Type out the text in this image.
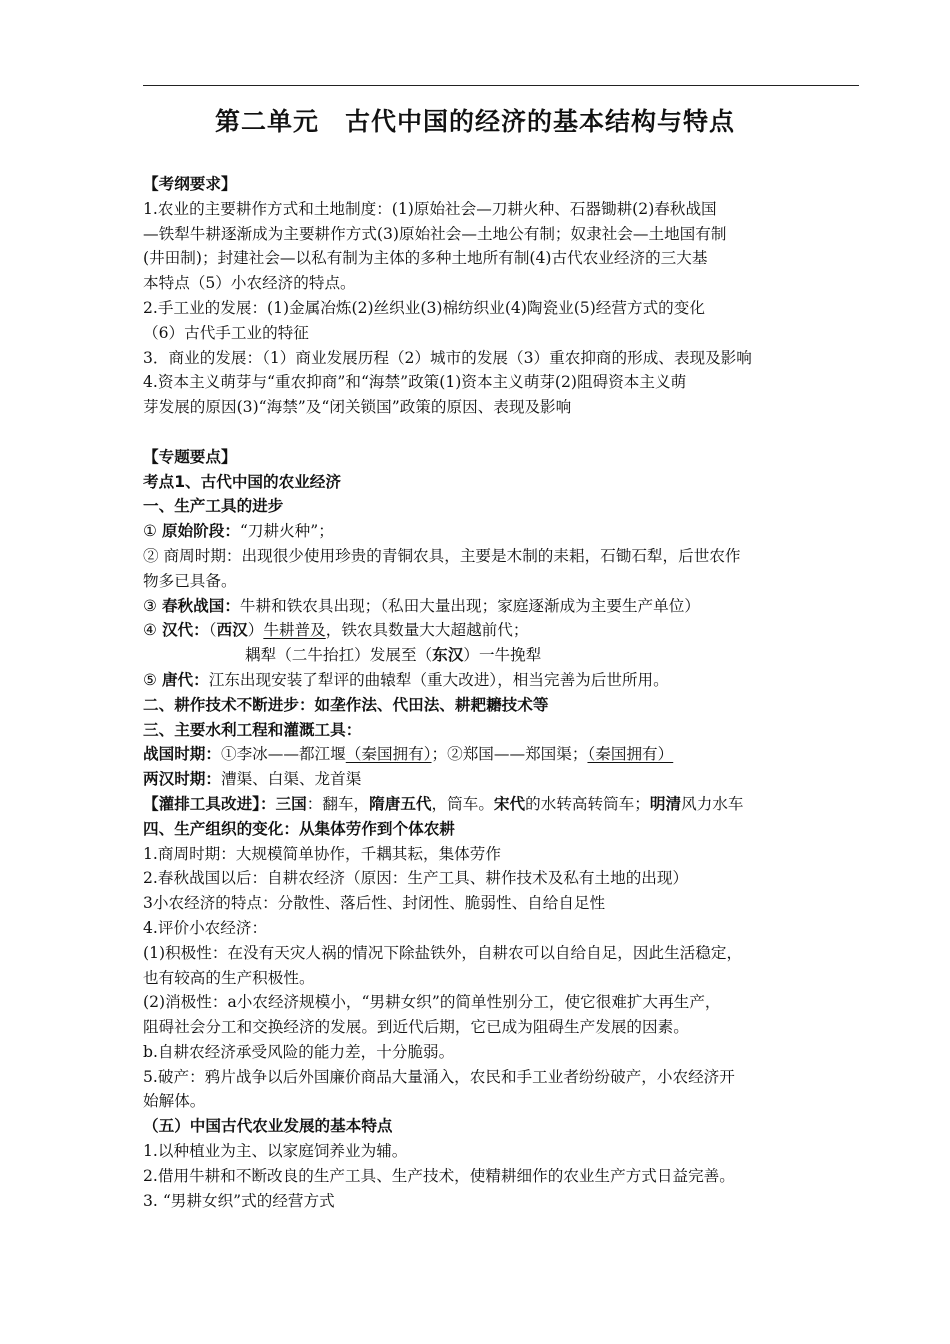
第二单元　古代中国的经济的基本结构与特点

【考纲要求】

1.农业的主要耕作方式和土地制度：(1)原始社会—刀耕火种、石器锄耕(2)春秋战国

—铁犁牛耕逐渐成为主要耕作方式(3)原始社会—土地公有制；奴隶社会—土地国有制

(井田制)；封建社会—以私有制为主体的多种土地所有制(4)古代农业经济的三大基

本特点（5）小农经济的特点。

2.手工业的发展：(1)金属冶炼(2)丝织业(3)棉纺织业(4)陶瓷业(5)经营方式的变化

（6）古代手工业的特征

3．商业的发展：（1）商业发展历程（2）城市的发展（3）重农抑商的形成、表现及影响

4.资本主义萌芽与“重农抑商”和“海禁”政策(1)资本主义萌芽(2)阻碍资本主义萌

芽发展的原因(3)“海禁”及“闭关锁国”政策的原因、表现及影响

【专题要点】

考点1、古代中国的农业经济

一、生产工具的进步

① 原始阶段：“刀耕火种”；

② 商周时期：出现很少使用珍贵的青铜农具，主要是木制的耒耜，石锄石犁，后世农作

物多已具备。

③ 春秋战国：牛耕和铁农具出现；（私田大量出现；家庭逐渐成为主要生产单位）

④ 汉代：（西汉）牛耕普及，铁农具数量大大超越前代；

耦犁（二牛抬扛）发展至（东汉）一牛挽犁

⑤ 唐代：江东出现安装了犁评的曲辕犁（重大改进），相当完善为后世所用。

二、耕作技术不断进步：如垄作法、代田法、耕耙耱技术等

三、主要水利工程和灌溉工具：

战国时期：①李冰——都江堰（秦国拥有）；②郑国——郑国渠；（秦国拥有）

两汉时期：漕渠、白渠、龙首渠

【灌排工具改进】：三国：翻车，隋唐五代，筒车。宋代的水转高转筒车；明清风力水车

四、生产组织的变化：从集体劳作到个体农耕

1.商周时期：大规模简单协作，千耦其耘，集体劳作

2.春秋战国以后：自耕农经济（原因：生产工具、耕作技术及私有土地的出现）

3小农经济的特点：分散性、落后性、封闭性、脆弱性、自给自足性

4.评价小农经济：

(1)积极性：在没有天灾人祸的情况下除盐铁外，自耕农可以自给自足，因此生活稳定，

也有较高的生产积极性。

(2)消极性：a小农经济规模小，“男耕女织”的简单性别分工，使它很难扩大再生产，

阻碍社会分工和交换经济的发展。到近代后期，它已成为阻碍生产发展的因素。

b.自耕农经济承受风险的能力差，十分脆弱。

5.破产：鸦片战争以后外国廉价商品大量涌入，农民和手工业者纷纷破产，小农经济开

始解体。

（五）中国古代农业发展的基本特点

1.以种植业为主、以家庭饲养业为辅。

2.借用牛耕和不断改良的生产工具、生产技术，使精耕细作的农业生产方式日益完善。

3. “男耕女织”式的经营方式
